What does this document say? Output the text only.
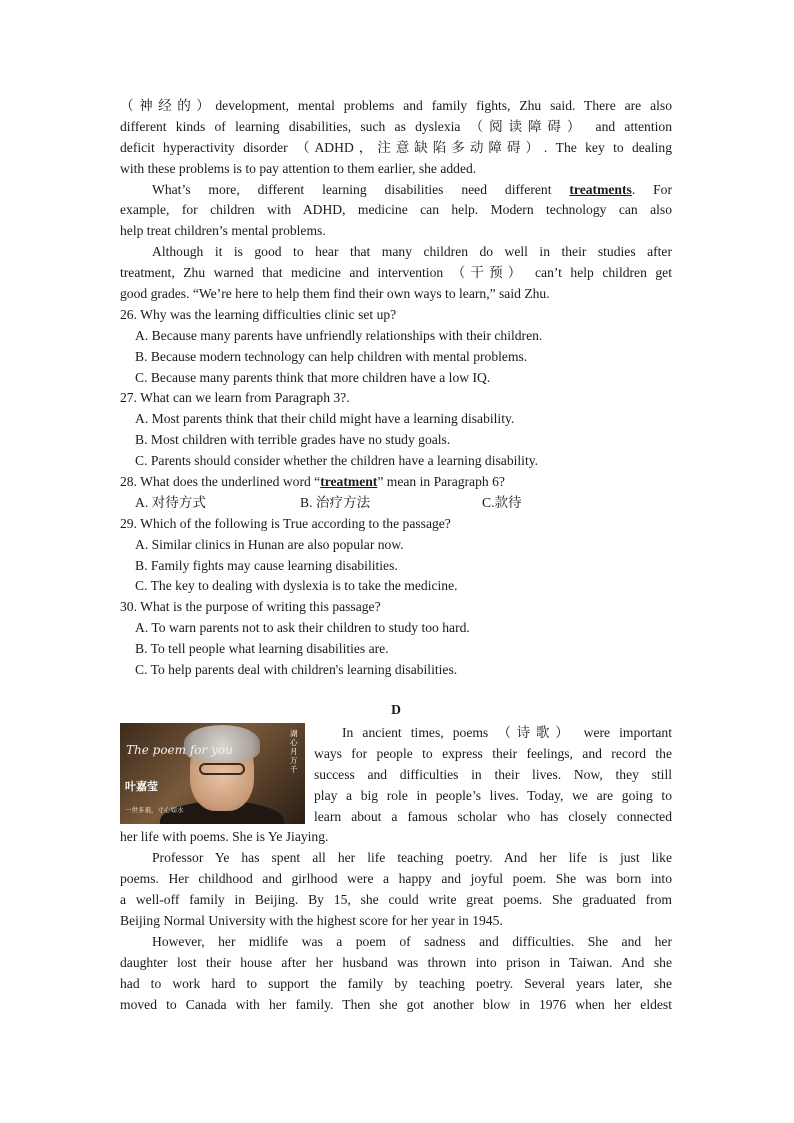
（神经的）development, mental problems and family fights, Zhu said. There are also
different kinds of learning disabilities, such as dyslexia （阅读障碍） and attention
deficit hyperactivity disorder （ADHD，注意缺陷多动障碍）. The key to dealing
with these problems is to pay attention to them earlier, she added.
What’s more, different learning disabilities need different treatments. For
example, for children with ADHD, medicine can help. Modern technology can also
help treat children’s mental problems.
Although it is good to hear that many children do well in their studies after
treatment, Zhu warned that medicine and intervention （干预） can’t help children get
good grades. “We’re here to help them find their own ways to learn,” said Zhu.
26. Why was the learning difficulties clinic set up?
A. Because many parents have unfriendly relationships with their children.
B. Because modern technology can help children with mental problems.
C. Because many parents think that more children have a low IQ.
27. What can we learn from Paragraph 3?.
A. Most parents think that their child might have a learning disability.
B. Most children with terrible grades have no study goals.
C. Parents should consider whether the children have a learning disability.
28. What does the underlined word “treatment” mean in Paragraph 6?
A. 对待方式	B. 治疗方法	C.款待
29. Which of the following is True according to the passage?
A. Similar clinics in Hunan are also popular now.
B. Family fights may cause learning disabilities.
C. The key to dealing with dyslexia is to take the medicine.
30. What is the purpose of writing this passage?
A. To warn parents not to ask their children to study too hard.
B. To tell people what learning disabilities are.
C. To help parents deal with children's learning disabilities.
D
The poem for you
叶嘉莹
一世多艰，寸心如水
湖心月万千
In ancient times, poems （诗歌） were important
ways for people to express their feelings, and record the
success and difficulties in their lives. Now, they still
play a big role in people’s lives. Today, we are going to
learn about a famous scholar who has closely connected
her life with poems. She is Ye Jiaying.
Professor Ye has spent all her life teaching poetry. And her life is just like
poems. Her childhood and girlhood were a happy and joyful poem. She was born into
a well-off family in Beijing. By 15, she could write great poems. She graduated from
Beijing Normal University with the highest score for her year in 1945.
However, her midlife was a poem of sadness and difficulties. She and her
daughter lost their house after her husband was thrown into prison in Taiwan. And she
had to work hard to support the family by teaching poetry. Several years later, she
moved to Canada with her family. Then she got another blow in 1976 when her eldest
